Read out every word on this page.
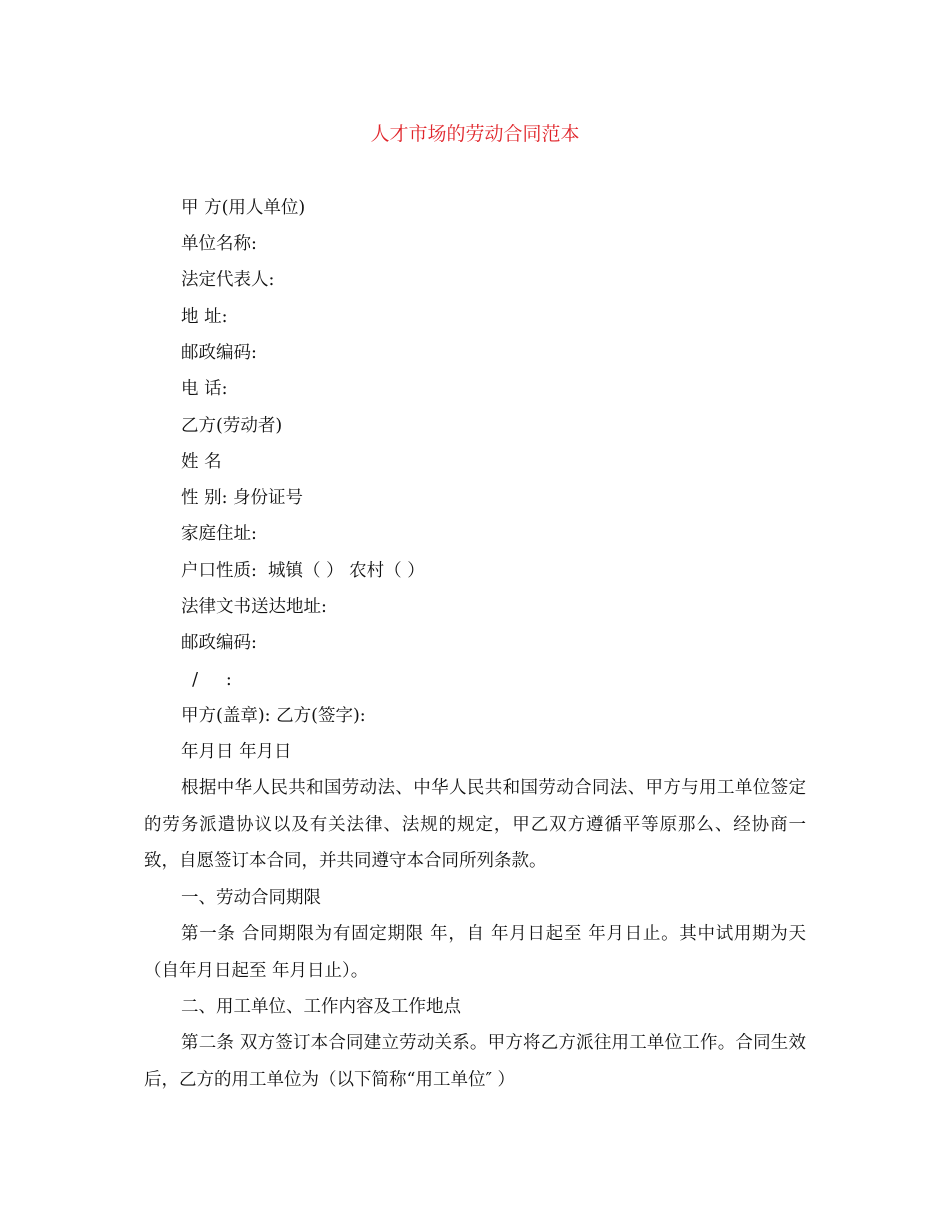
人才市场的劳动合同范本
甲 方(用人单位)
单位名称:
法定代表人:
地 址:
邮政编码:
电 话:
乙方(劳动者)
姓 名
性 别: 身份证号
家庭住址:
户口性质:  城镇（ ） 农村（ ）
法律文书送达地址:
邮政编码:
/     :
甲方(盖章): 乙方(签字):
年月日 年月日

根据中华人民共和国劳动法、中华人民共和国劳动合同法、甲方与用工单位签定的劳务派遣协议以及有关法律、法规的规定，甲乙双方遵循平等原那么、经协商一致，自愿签订本合同，并共同遵守本合同所列条款。

一、劳动合同期限

第一条 合同期限为有固定期限 年，自 年月日起至 年月日止。其中试用期为天（自年月日起至 年月日止）。

二、用工单位、工作内容及工作地点

第二条 双方签订本合同建立劳动关系。甲方将乙方派往用工单位工作。合同生效后，乙方的用工单位为（以下简称“用工单位″ ）
